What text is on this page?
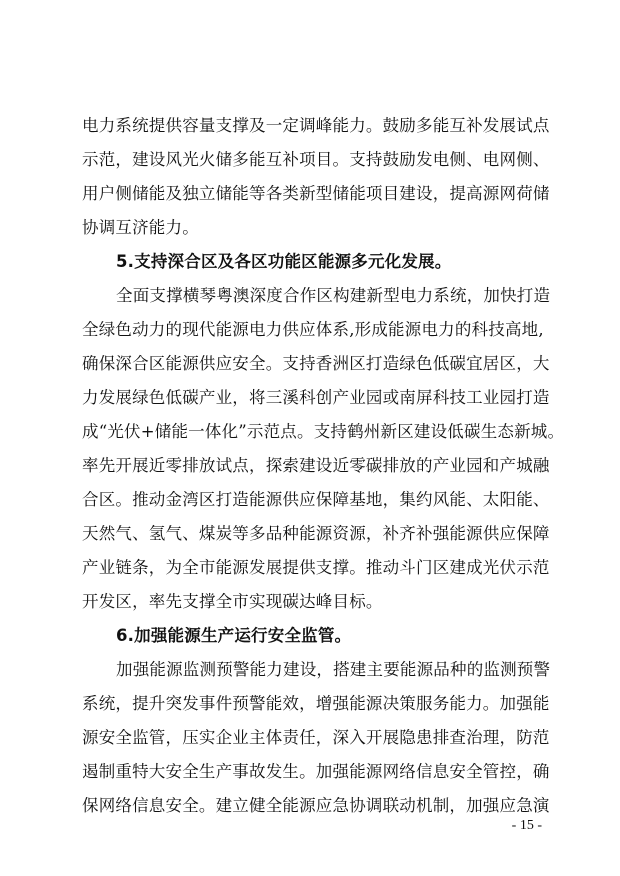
电力系统提供容量支撑及一定调峰能力。鼓励多能互补发展试点
示范，建设风光火储多能互补项目。支持鼓励发电侧、电网侧、
用户侧储能及独立储能等各类新型储能项目建设，提高源网荷储
协调互济能力。
5.支持深合区及各区功能区能源多元化发展。
全面支撑横琴粤澳深度合作区构建新型电力系统，加快打造
全绿色动力的现代能源电力供应体系,形成能源电力的科技高地,
确保深合区能源供应安全。支持香洲区打造绿色低碳宜居区，大
力发展绿色低碳产业，将三溪科创产业园或南屏科技工业园打造
成“光伏+储能一体化”示范点。支持鹤州新区建设低碳生态新城。
率先开展近零排放试点，探索建设近零碳排放的产业园和产城融
合区。推动金湾区打造能源供应保障基地，集约风能、太阳能、
天然气、氢气、煤炭等多品种能源资源，补齐补强能源供应保障
产业链条，为全市能源发展提供支撑。推动斗门区建成光伏示范
开发区，率先支撑全市实现碳达峰目标。
6.加强能源生产运行安全监管。
加强能源监测预警能力建设，搭建主要能源品种的监测预警
系统，提升突发事件预警能效，增强能源决策服务能力。加强能
源安全监管，压实企业主体责任，深入开展隐患排查治理，防范
遏制重特大安全生产事故发生。加强能源网络信息安全管控，确
保网络信息安全。建立健全能源应急协调联动机制，加强应急演
- 15 -
